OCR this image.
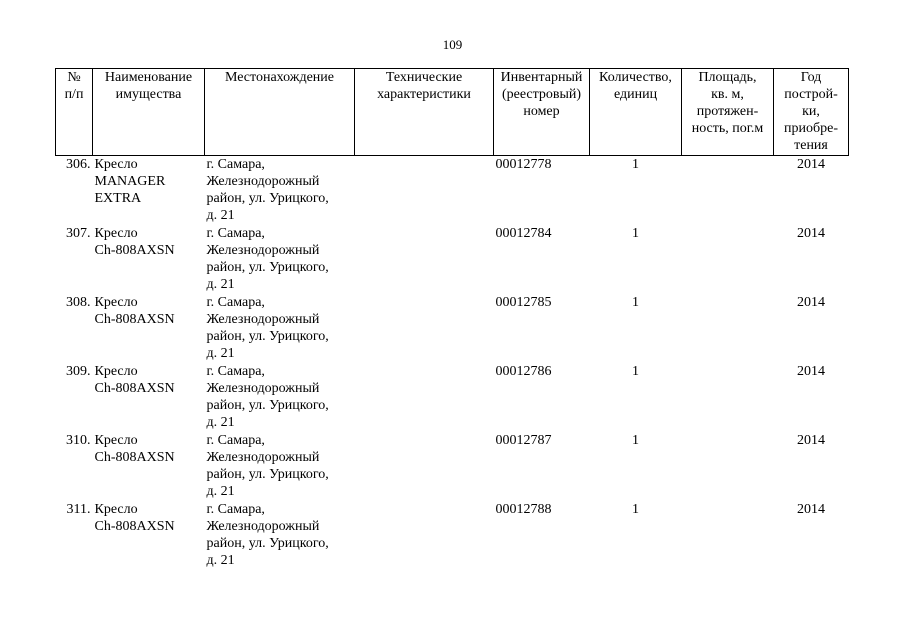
109
№
п/п	Наименование
имущества	Местонахождение	Технические
характеристики	Инвентарный
(реестровый)
номер	Количество,
единиц	Площадь,
кв. м,
протяжен-
ность, пог.м	Год
построй-
ки,
приобре-
тения
306.	Кресло
MANAGER
EXTRA	г. Самара,
Железнодорожный
район, ул. Урицкого,
д. 21		00012778	1		2014
307.	Кресло
Ch-808AXSN	г. Самара,
Железнодорожный
район, ул. Урицкого,
д. 21		00012784	1		2014
308.	Кресло
Ch-808AXSN	г. Самара,
Железнодорожный
район, ул. Урицкого,
д. 21		00012785	1		2014
309.	Кресло
Ch-808AXSN	г. Самара,
Железнодорожный
район, ул. Урицкого,
д. 21		00012786	1		2014
310.	Кресло
Ch-808AXSN	г. Самара,
Железнодорожный
район, ул. Урицкого,
д. 21		00012787	1		2014
311.	Кресло
Ch-808AXSN	г. Самара,
Железнодорожный
район, ул. Урицкого,
д. 21		00012788	1		2014
